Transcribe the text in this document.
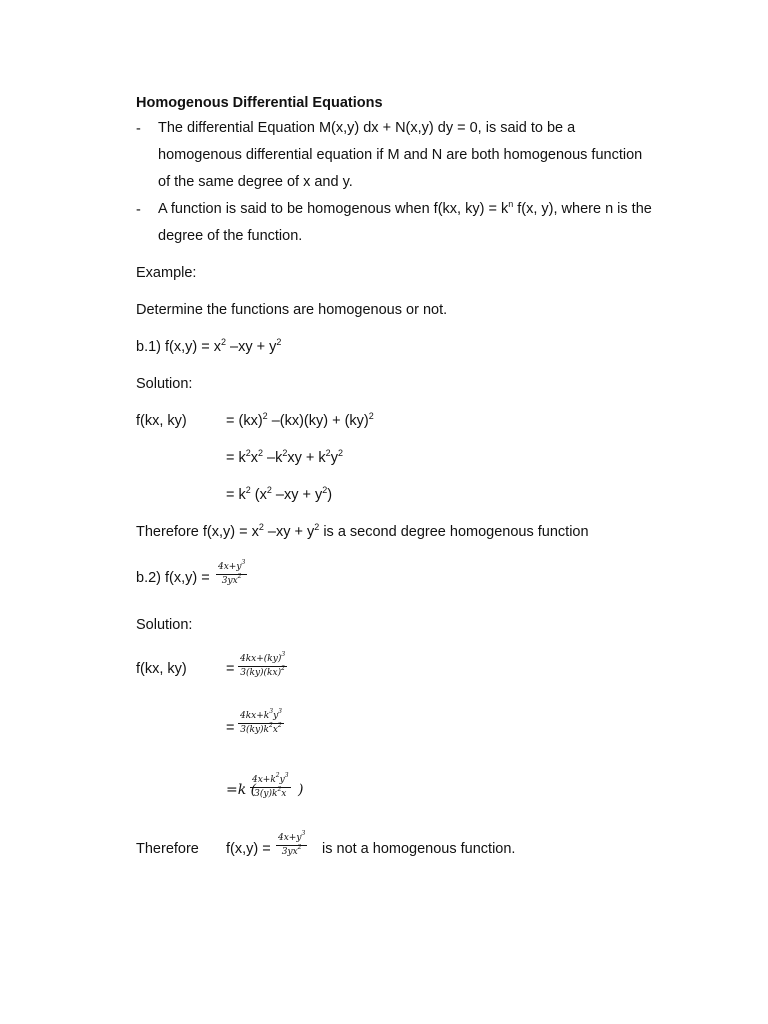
Homogenous Differential Equations
- The differential Equation M(x,y) dx + N(x,y) dy = 0, is said to be a
homogenous differential equation if M and N are both homogenous function
of the same degree of x and y.
- A function is said to be homogenous when f(kx, $ky) = k^n$ f(x, y), where n is the
degree of the function.
Example:
Determine the functions are homogenous or not.
b.1) $f(x,y) = x^2$ $-xy + y^2$
Solution:
f(kx, ky)	= (kx)$^2$ –(kx)(ky) + (ky)$^2$
= $k^2x^2$ $-k^2xy + k^2y^2$
= $k^2$ ($x^2$ $-xy + y^2$)
Therefore $f(x,y) = x^2$ $-xy + y^2$ is a second degree homogenous function
b.2) f(x,y) =
$4x+y^3$
$3yx^2$
Solution:
f(kx, ky)	=
4kx+(ky)$^3$
3(ky)(kx)$^2$
=
$4kx+k^3y^3$
$3(ky)k^2x^2$
=k (
$4x+k^2y^3$
$3(y)k^2x$ )
Therefore f(x,y) =
$4x+y^3$
$3yx^2$	is not a homogenous function.
